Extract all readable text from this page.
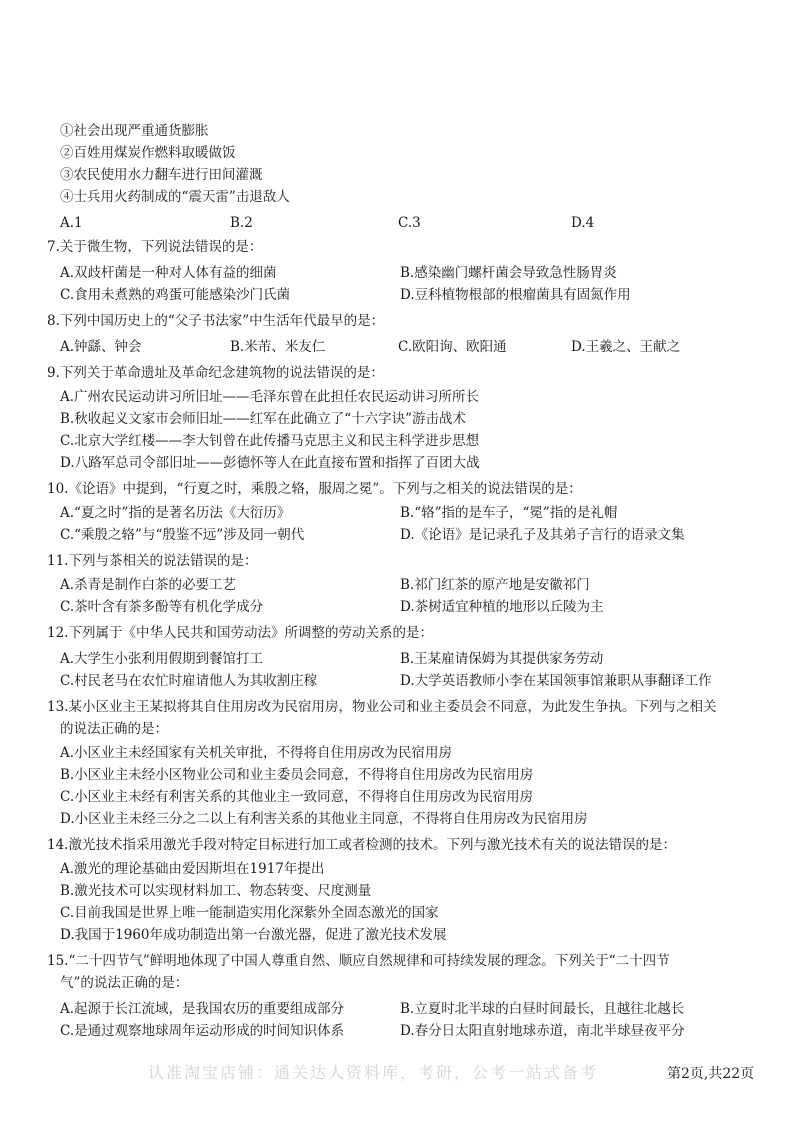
①社会出现严重通货膨胀
②百姓用煤炭作燃料取暖做饭
③农民使用水力翻车进行田间灌溉
④士兵用火药制成的“震天雷”击退敌人
A.1	B.2	C.3	D.4
7.关于微生物，下列说法错误的是：
A.双歧杆菌是一种对人体有益的细菌	B.感染幽门螺杆菌会导致急性肠胃炎
C.食用未煮熟的鸡蛋可能感染沙门氏菌	D.豆科植物根部的根瘤菌具有固氮作用
8.下列中国历史上的“父子书法家”中生活年代最早的是：
A.钟繇、钟会	B.米芾、米友仁	C.欧阳询、欧阳通	D.王羲之、王献之
9.下列关于革命遗址及革命纪念建筑物的说法错误的是：
A.广州农民运动讲习所旧址——毛泽东曾在此担任农民运动讲习所所长
B.秋收起义文家市会师旧址——红军在此确立了“十六字诀”游击战术
C.北京大学红楼——李大钊曾在此传播马克思主义和民主科学进步思想
D.八路军总司令部旧址——彭德怀等人在此直接布置和指挥了百团大战
10.《论语》中提到，“行夏之时，乘殷之辂，服周之冕”。下列与之相关的说法错误的是：
A.“夏之时”指的是著名历法《大衍历》	B.“辂”指的是车子，“冕”指的是礼帽
C.“乘殷之辂”与“殷鉴不远”涉及同一朝代	D.《论语》是记录孔子及其弟子言行的语录文集
11.下列与茶相关的说法错误的是：
A.杀青是制作白茶的必要工艺	B.祁门红茶的原产地是安徽祁门
C.茶叶含有茶多酚等有机化学成分	D.茶树适宜种植的地形以丘陵为主
12.下列属于《中华人民共和国劳动法》所调整的劳动关系的是：
A.大学生小张利用假期到餐馆打工	B.王某雇请保姆为其提供家务劳动
C.村民老马在农忙时雇请他人为其收割庄稼	D.大学英语教师小李在某国领事馆兼职从事翻译工作
13.某小区业主王某拟将其自住用房改为民宿用房，物业公司和业主委员会不同意，为此发生争执。下列与之相关
的说法正确的是：
A.小区业主未经国家有关机关审批，不得将自住用房改为民宿用房
B.小区业主未经小区物业公司和业主委员会同意，不得将自住用房改为民宿用房
C.小区业主未经有利害关系的其他业主一致同意，不得将自住用房改为民宿用房
D.小区业主未经三分之二以上有利害关系的其他业主同意，不得将自住用房改为民宿用房
14.激光技术指采用激光手段对特定目标进行加工或者检测的技术。下列与激光技术有关的说法错误的是：
A.激光的理论基础由爱因斯坦在1917年提出
B.激光技术可以实现材料加工、物态转变、尺度测量
C.目前我国是世界上唯一能制造实用化深紫外全固态激光的国家
D.我国于1960年成功制造出第一台激光器，促进了激光技术发展
15.“二十四节气”鲜明地体现了中国人尊重自然、顺应自然规律和可持续发展的理念。下列关于“二十四节
气”的说法正确的是：
A.起源于长江流域，是我国农历的重要组成部分	B.立夏时北半球的白昼时间最长，且越往北越长
C.是通过观察地球周年运动形成的时间知识体系	D.春分日太阳直射地球赤道，南北半球昼夜平分
认准淘宝店铺：通关达人资料库，考研，公考一站式备考	第2页,共22页
